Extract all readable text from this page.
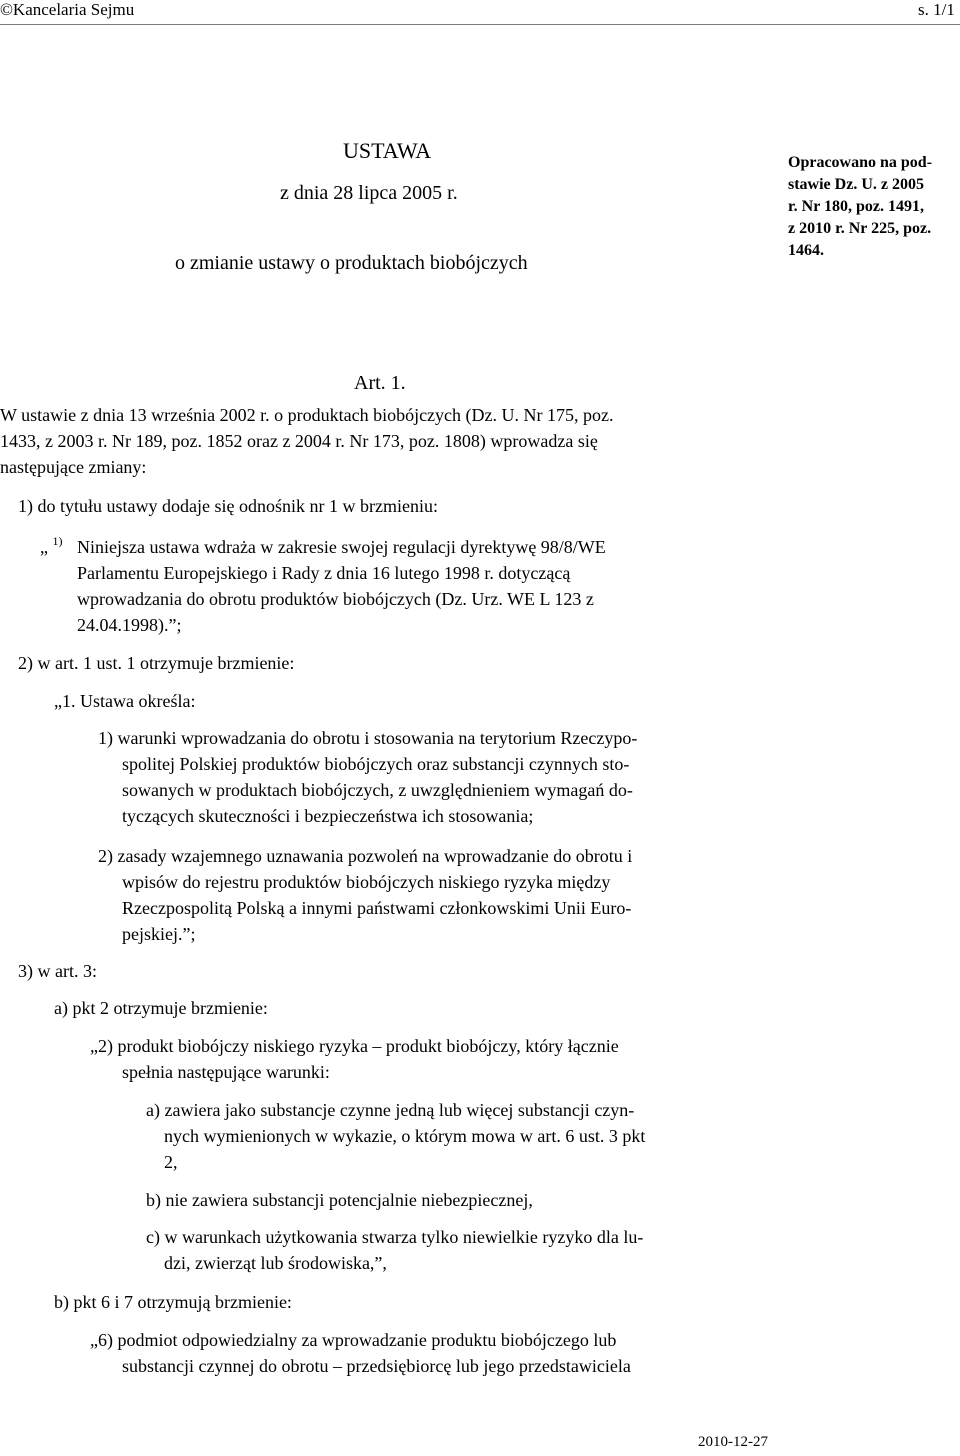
©Kancelaria Sejmu	s. 1/1
USTAWA
z dnia 28 lipca 2005 r.
o zmianie ustawy o produktach biobójczych
Opracowano na pod-
stawie Dz. U. z 2005
r. Nr 180, poz. 1491,
z 2010 r. Nr 225, poz.
1464.
Art. 1.
W ustawie z dnia 13 września 2002 r. o produktach biobójczych (Dz. U. Nr 175, poz.
1433, z 2003 r. Nr 189, poz. 1852 oraz z 2004 r. Nr 173, poz. 1808) wprowadza się
następujące zmiany:
1) do tytułu ustawy dodaje się odnośnik nr 1 w brzmieniu:
„ $^{1)}$ Niniejsza ustawa wdraża w zakresie swojej regulacji dyrektywę 98/8/WE
Parlamentu Europejskiego i Rady z dnia 16 lutego 1998 r. dotyczącą
wprowadzania do obrotu produktów biobójczych (Dz. Urz. WE L 123 z
24.04.1998).”;
2) w art. 1 ust. 1 otrzymuje brzmienie:
„1. Ustawa określa:
1) warunki wprowadzania do obrotu i stosowania na terytorium Rzeczypo-
spolitej Polskiej produktów biobójczych oraz substancji czynnych sto-
sowanych w produktach biobójczych, z uwzględnieniem wymagań do-
tyczących skuteczności i bezpieczeństwa ich stosowania;
2) zasady wzajemnego uznawania pozwoleń na wprowadzanie do obrotu i
wpisów do rejestru produktów biobójczych niskiego ryzyka między
Rzeczpospolitą Polską a innymi państwami członkowskimi Unii Euro-
pejskiej.”;
3) w art. 3:
a) pkt 2 otrzymuje brzmienie:
„2) produkt biobójczy niskiego ryzyka – produkt biobójczy, który łącznie
spełnia następujące warunki:
a) zawiera jako substancje czynne jedną lub więcej substancji czyn-
nych wymienionych w wykazie, o którym mowa w art. 6 ust. 3 pkt
2,
b) nie zawiera substancji potencjalnie niebezpiecznej,
c) w warunkach użytkowania stwarza tylko niewielkie ryzyko dla lu-
dzi, zwierząt lub środowiska,”,
b) pkt 6 i 7 otrzymują brzmienie:
„6) podmiot odpowiedzialny za wprowadzanie produktu biobójczego lub
substancji czynnej do obrotu – przedsiębiorcę lub jego przedstawiciela
2010-12-27
